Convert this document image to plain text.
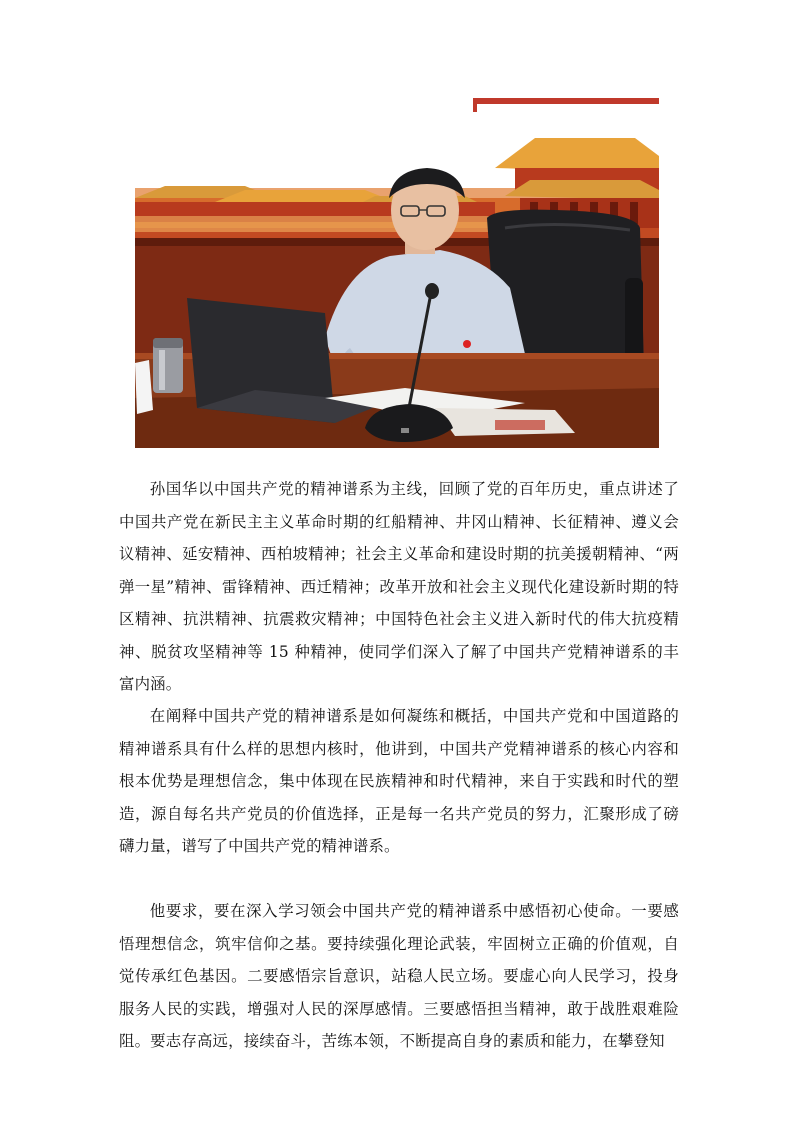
孙国华以中国共产党的精神谱系为主线，回顾了党的百年历史，重点讲述了中国共产党在新民主主义革命时期的红船精神、井冈山精神、长征精神、遵义会议精神、延安精神、西柏坡精神；社会主义革命和建设时期的抗美援朝精神、“两弹一星”精神、雷锋精神、西迁精神；改革开放和社会主义现代化建设新时期的特区精神、抗洪精神、抗震救灾精神；中国特色社会主义进入新时代的伟大抗疫精神、脱贫攻坚精神等 15 种精神，使同学们深入了解了中国共产党精神谱系的丰富内涵。

在阐释中国共产党的精神谱系是如何凝练和概括，中国共产党和中国道路的精神谱系具有什么样的思想内核时，他讲到，中国共产党精神谱系的核心内容和根本优势是理想信念，集中体现在民族精神和时代精神，来自于实践和时代的塑造，源自每名共产党员的价值选择，正是每一名共产党员的努力，汇聚形成了磅礴力量，谱写了中国共产党的精神谱系。

他要求，要在深入学习领会中国共产党的精神谱系中感悟初心使命。一要感悟理想信念，筑牢信仰之基。要持续强化理论武装，牢固树立正确的价值观，自觉传承红色基因。二要感悟宗旨意识，站稳人民立场。要虚心向人民学习，投身服务人民的实践，增强对人民的深厚感情。三要感悟担当精神，敢于战胜艰难险阻。要志存高远，接续奋斗，苦练本领，不断提高自身的素质和能力，在攀登知
